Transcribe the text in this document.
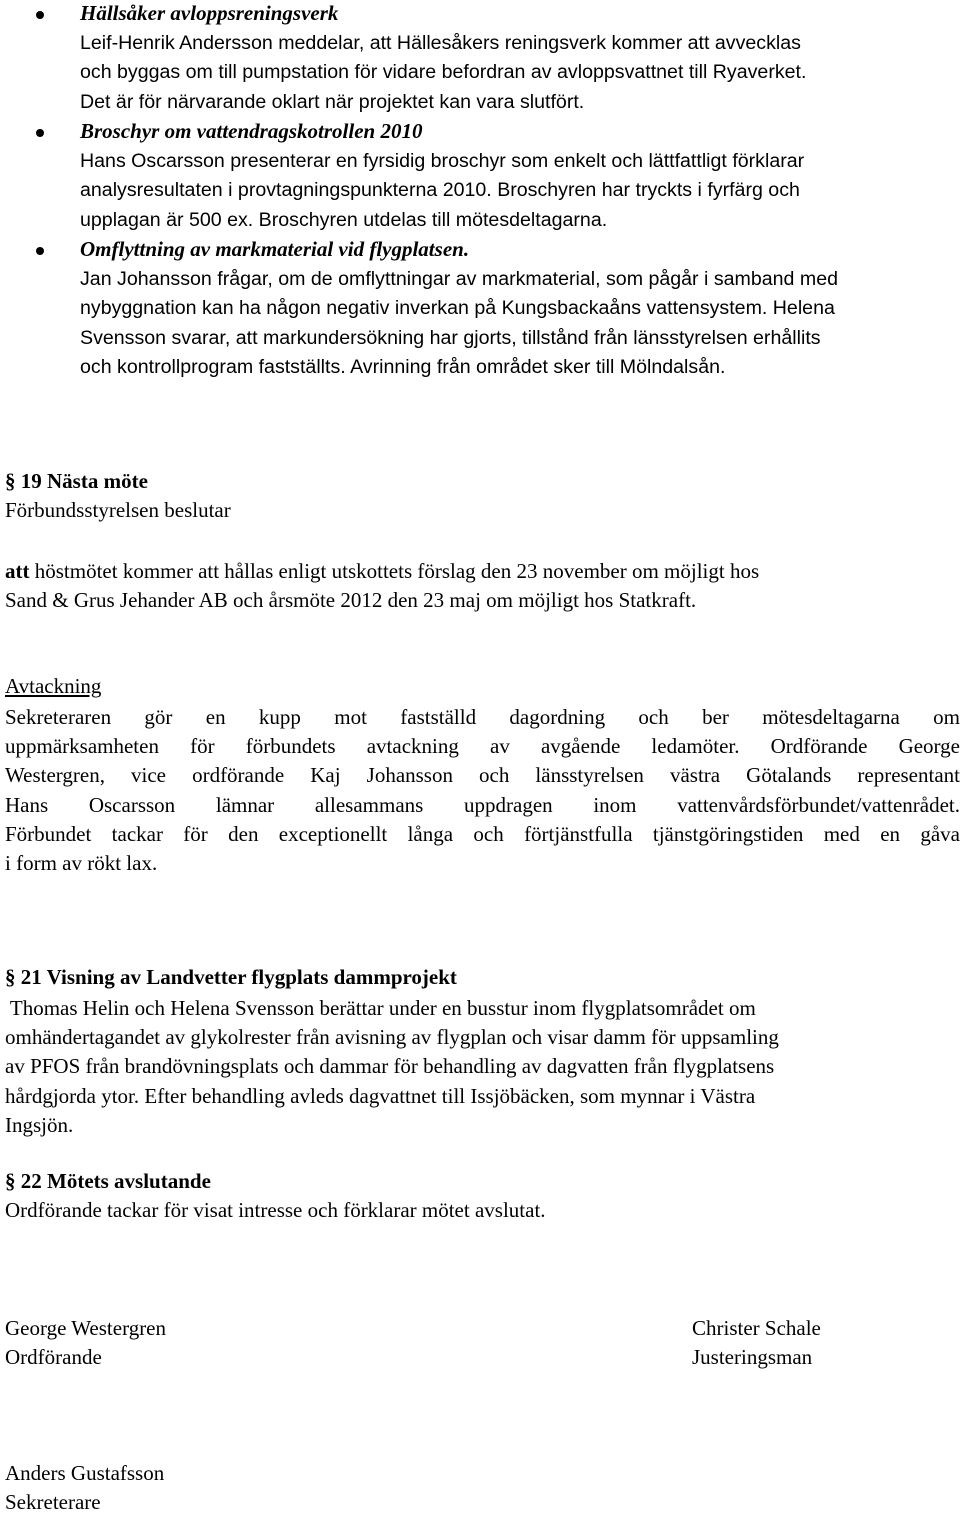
Hällsåker avloppsreningsverk
Leif-Henrik Andersson meddelar, att Hällesåkers reningsverk kommer att avvecklas
och byggas om till pumpstation för vidare befordran av avloppsvattnet till Ryaverket.
Det är för närvarande oklart när projektet kan vara slutfört.
Broschyr om vattendragskotrollen 2010
Hans Oscarsson presenterar en fyrsidig broschyr som enkelt och lättfattligt förklarar
analysresultaten i provtagningspunkterna 2010. Broschyren har tryckts i fyrfärg och
upplagan är 500 ex. Broschyren utdelas till mötesdeltagarna.
Omflyttning av markmaterial vid flygplatsen.
Jan Johansson frågar, om de omflyttningar av markmaterial, som pågår i samband med
nybyggnation kan ha någon negativ inverkan på Kungsbackaåns vattensystem. Helena
Svensson svarar, att markundersökning har gjorts, tillstånd från länsstyrelsen erhållits
och kontrollprogram fastställts. Avrinning från området sker till Mölndalsån.
§ 19 Nästa möte
Förbundsstyrelsen beslutar
att höstmötet kommer att hållas enligt utskottets förslag den 23 november om möjligt hos
Sand & Grus Jehander AB och årsmöte 2012 den 23 maj om möjligt hos Statkraft.
Avtackning
Sekreteraren gör en kupp mot fastställd dagordning och ber mötesdeltagarna om
uppmärksamheten för förbundets avtackning av avgående ledamöter. Ordförande George
Westergren, vice ordförande Kaj Johansson och länsstyrelsen västra Götalands representant
Hans Oscarsson lämnar allesammans uppdragen inom vattenvårdsförbundet/vattenrådet.
Förbundet tackar för den exceptionellt långa och förtjänstfulla tjänstgöringstiden med en gåva
i form av rökt lax.
§ 21 Visning av Landvetter flygplats dammprojekt
Thomas Helin och Helena Svensson berättar under en busstur inom flygplatsområdet om
omhändertagandet av glykolrester från avisning av flygplan och visar damm för uppsamling
av PFOS från brandövningsplats och dammar för behandling av dagvatten från flygplatsens
hårdgjorda ytor. Efter behandling avleds dagvattnet till Issjöbäcken, som mynnar i Västra
Ingsjön.
§ 22 Mötets avslutande
Ordförande tackar för visat intresse och förklarar mötet avslutat.
George Westergren
Ordförande
Christer Schale
Justeringsman
Anders Gustafsson
Sekreterare
